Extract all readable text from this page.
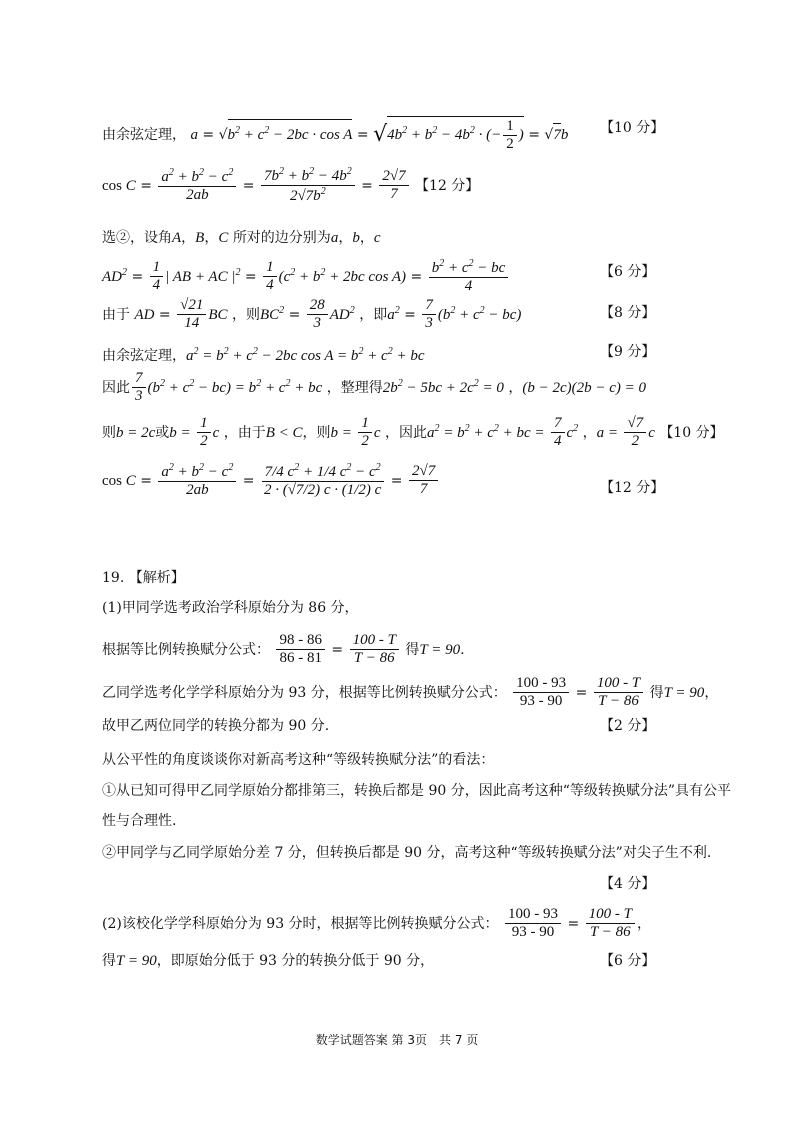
由余弦定理， $a = √b^2 + c^2 - 2bc \cdot \cos A = √4b^2 + b^2 - 4b^2$ · (− $\frac{1}{2}$ ) = √7b 【10 分】
$\cos C = \frac{a^2 + b^2 - c^2}{2ab} = \frac{7b^2 + b^2 - 4b^2}{2√7b^2} = \frac{2√7}{7}$ 【12 分】
选②，设角A，B，C 所对的边分别为a，b，c
$AD^2 = \frac{1}{4}$ | AB + AC $|^2 = \frac{1}{4} (c^2 + b^2 + 2bc$ $\cos A) = \frac{b^2 + c^2 - bc}{4}$	【6 分】
由于 AD = $\frac{√21}{14}$ BC ，则$BC^2 = \frac{28}{3} AD^2$ ，即$a^2 = \frac{7}{3} (b^2 + c^2 - bc)$	【8 分】
由余弦定理，$a^2 = b^2 + c^2 - 2bc$ $\cos A = b^2 + c^2$ + bc	【9 分】
因此 $\frac{7}{3} (b^2 + c^2 - bc) = b^2 + c^2$ + bc ，整理得$2b^2 - 5bc + 2c^2 = 0$ ，(b − 2c)(2b − c) = 0
则b = 2c或$b = \frac{1}{2}$ c ，由于B < C，则$b = \frac{1}{2}$ c ，因此$a^2 = b^2 + c^2$ + bc = $\frac{7}{4} c^2$ ，$a = \frac{√7}{2}$ c 【10 分】
$\cos C = \frac{a^2 + b^2 - c^2}{2ab} = \frac{7/4 c^2 + 1/4 c^2 - c^2}{2 \cdot (√7/2) c \cdot (1/2) c} = \frac{2√7}{7}$	【12 分】
19. 【解析】
(1)甲同学选考政治学科原始分为 86 分，
根据等比例转换赋分公式： $\frac{98 - 86}{86 - 81} = \frac{100 - T}{T - 86}$ 得T = 90.
乙同学选考化学学科原始分为 93 分，根据等比例转换赋分公式： $\frac{100 - 93}{93 - 90} = \frac{100 - T}{T - 86}$ 得T = 90，
故甲乙两位同学的转换分都为 90 分.	【2 分】
从公平性的角度谈谈你对新高考这种“等级转换赋分法”的看法：
①从已知可得甲乙同学原始分都排第三，转换后都是 90 分，因此高考这种“等级转换赋分法”具有公平
性与合理性.
②甲同学与乙同学原始分差 7 分，但转换后都是 90 分，高考这种“等级转换赋分法”对尖子生不利.
【4 分】
(2)该校化学学科原始分为 93 分时，根据等比例转换赋分公式： $\frac{100 - 93}{93 - 90} = \frac{100 - T}{T - 86}$ ，
得T = 90，即原始分低于 93 分的转换分低于 90 分，	【6 分】
数学试题答案 第 3页　共 7 页
